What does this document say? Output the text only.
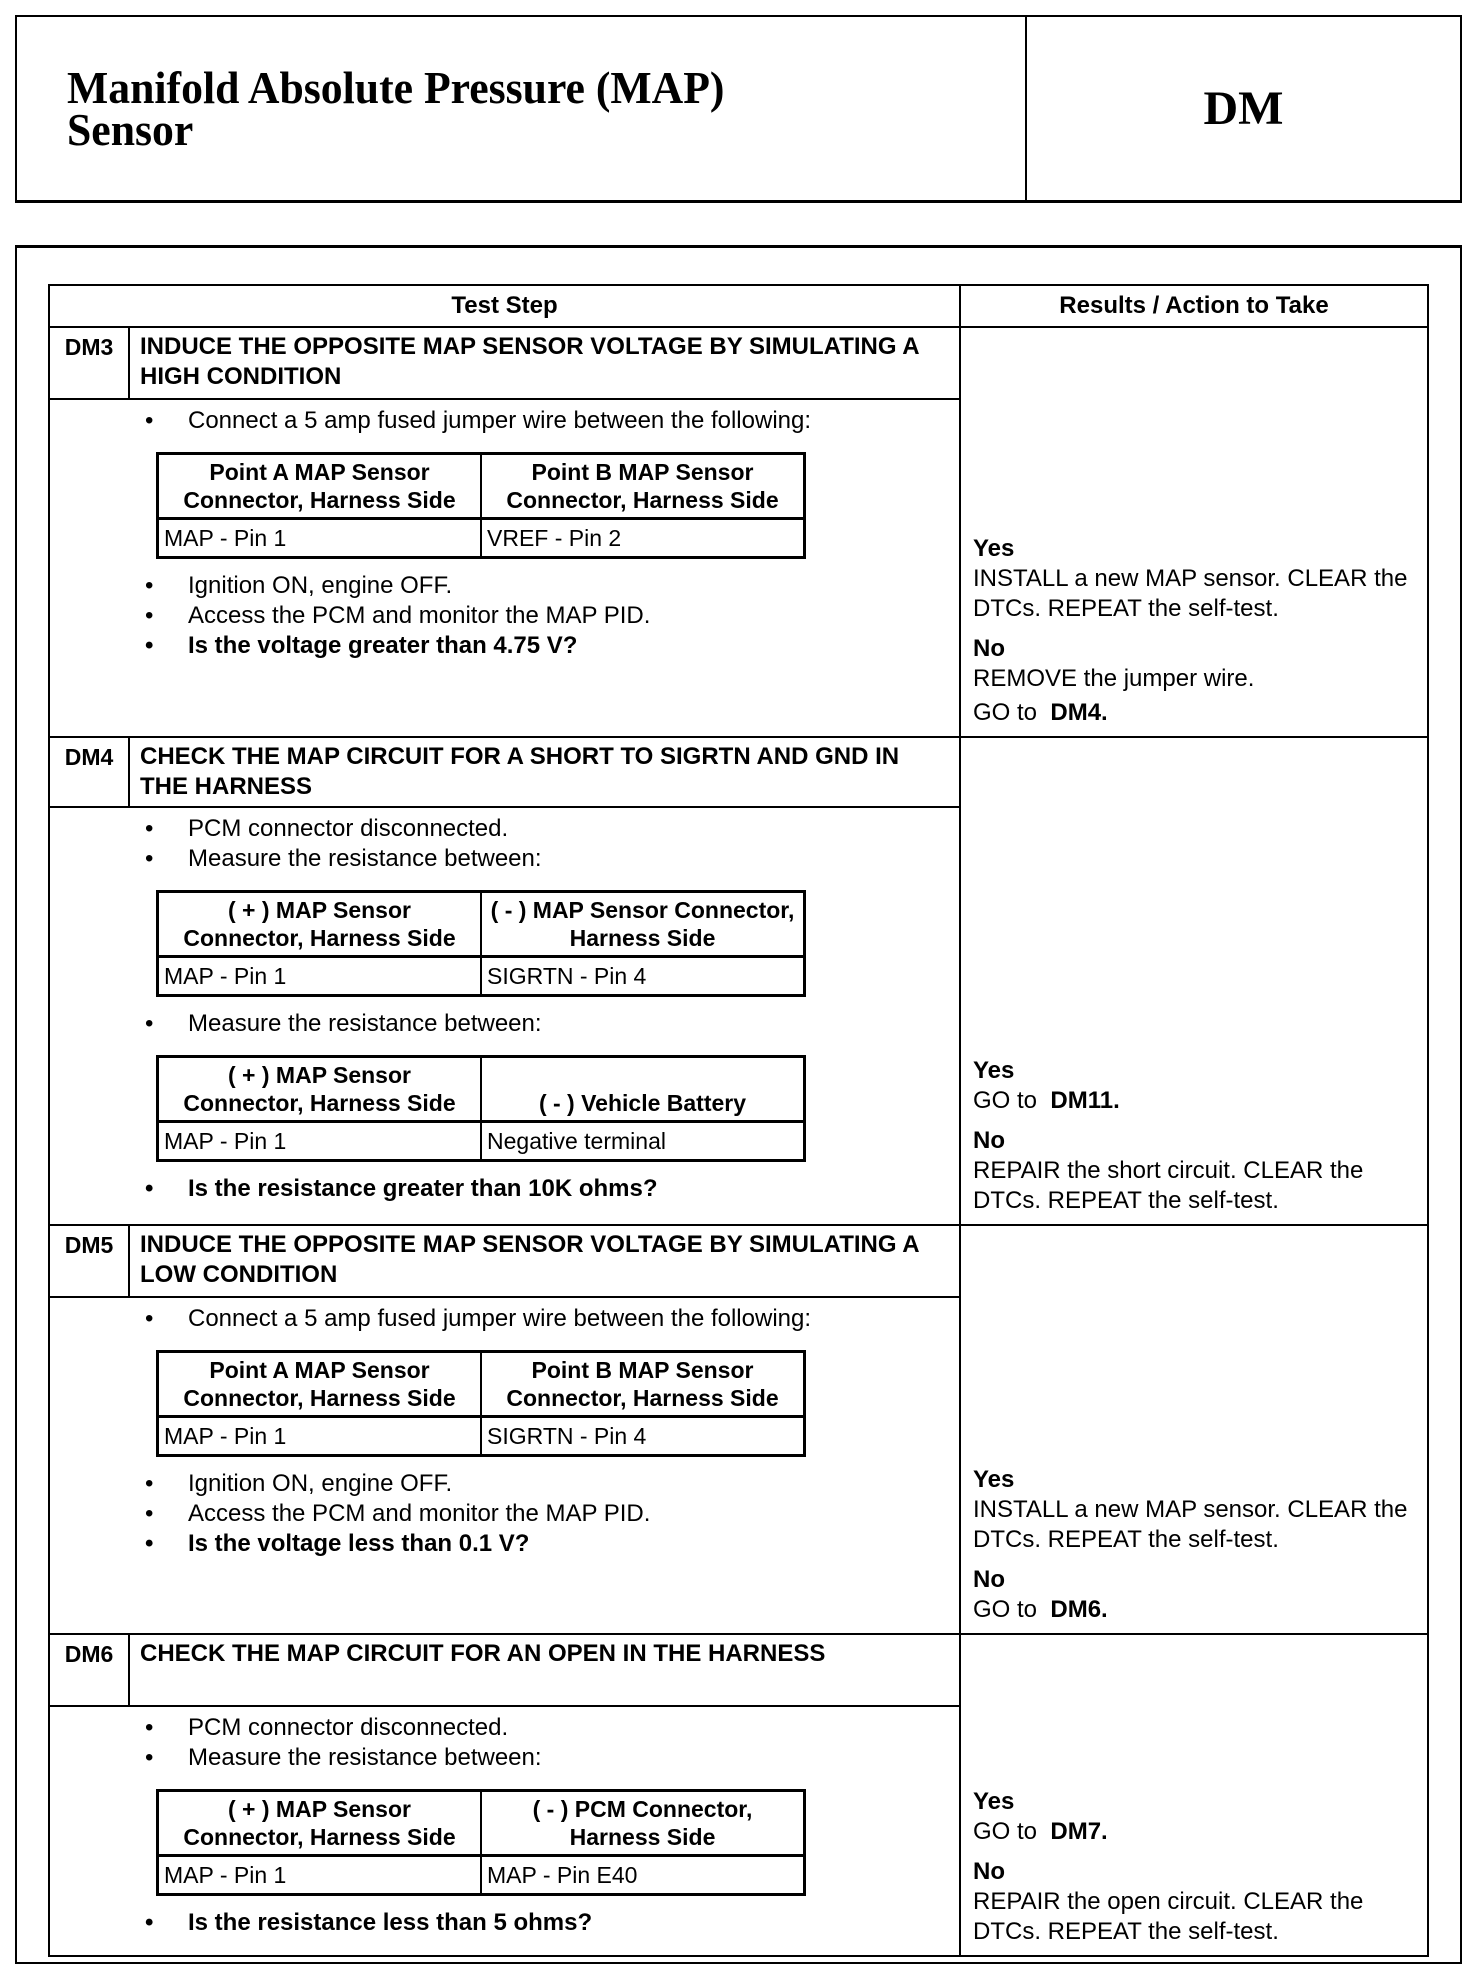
Manifold Absolute Pressure (MAP)
Sensor	DM
Test Step	Results / Action to Take
DM3	INDUCE THE OPPOSITE MAP SENSOR VOLTAGE BY SIMULATING A HIGH CONDITION
• Connect a 5 amp fused jumper wire between the following:
Point A MAP Sensor Connector, Harness Side	Point B MAP Sensor Connector, Harness Side
MAP - Pin 1	VREF - Pin 2
• Ignition ON, engine OFF.
• Access the PCM and monitor the MAP PID.
• Is the voltage greater than 4.75 V?

Yes
INSTALL a new MAP sensor. CLEAR the DTCs. REPEAT the self-test.

No
REMOVE the jumper wire.

GO to DM4.

DM4	CHECK THE MAP CIRCUIT FOR A SHORT TO SIGRTN AND GND IN THE HARNESS
• PCM connector disconnected.
• Measure the resistance between:
( + ) MAP Sensor Connector, Harness Side	( - ) MAP Sensor Connector, Harness Side
MAP - Pin 1	SIGRTN - Pin 4
• Measure the resistance between:
( + ) MAP Sensor Connector, Harness Side	( - ) Vehicle Battery
MAP - Pin 1	Negative terminal
• Is the resistance greater than 10K ohms?

Yes
GO to DM11.

No
REPAIR the short circuit. CLEAR the DTCs. REPEAT the self-test.

DM5	INDUCE THE OPPOSITE MAP SENSOR VOLTAGE BY SIMULATING A LOW CONDITION
• Connect a 5 amp fused jumper wire between the following:
Point A MAP Sensor Connector, Harness Side	Point B MAP Sensor Connector, Harness Side
MAP - Pin 1	SIGRTN - Pin 4
• Ignition ON, engine OFF.
• Access the PCM and monitor the MAP PID.
• Is the voltage less than 0.1 V?

Yes
INSTALL a new MAP sensor. CLEAR the DTCs. REPEAT the self-test.

No
GO to DM6.

DM6	CHECK THE MAP CIRCUIT FOR AN OPEN IN THE HARNESS
• PCM connector disconnected.
• Measure the resistance between:
( + ) MAP Sensor Connector, Harness Side	( - ) PCM Connector, Harness Side
MAP - Pin 1	MAP - Pin E40
• Is the resistance less than 5 ohms?

Yes
GO to DM7.

No
REPAIR the open circuit. CLEAR the DTCs. REPEAT the self-test.
